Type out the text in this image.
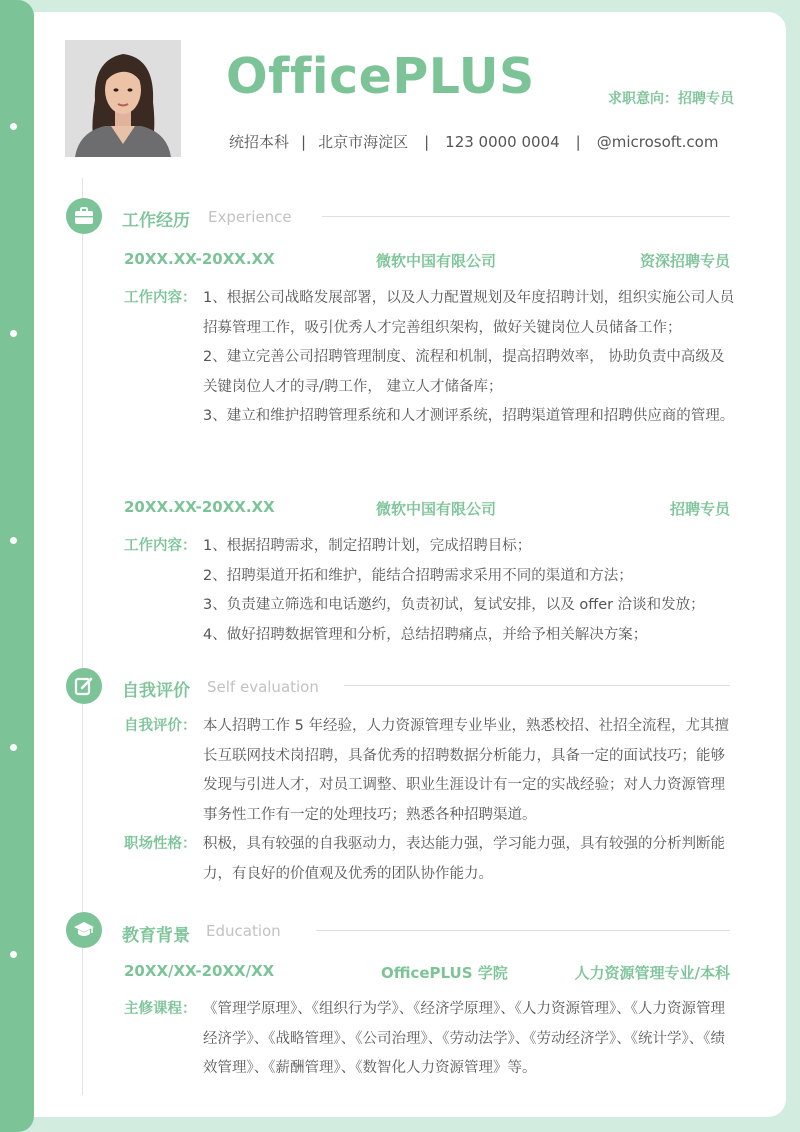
OfficePLUS	求职意向：招聘专员
统招本科 | 北京市海淀区 | 123 0000 0004 | @microsoft.com
工作经历 Experience
20XX.XX-20XX.XX	微软中国有限公司	资深招聘专员
工作内容： 1、根据公司战略发展部署，以及人力配置规划及年度招聘计划，组织实施公司人员招募管理工作，吸引优秀人才完善组织架构，做好关键岗位人员储备工作；

2、建立完善公司招聘管理制度、流程和机制，提高招聘效率， 协助负责中高级及关键岗位人才的寻/聘工作， 建立人才储备库；

3、建立和维护招聘管理系统和人才测评系统，招聘渠道管理和招聘供应商的管理。

20XX.XX-20XX.XX	微软中国有限公司	招聘专员
工作内容： 1、根据招聘需求，制定招聘计划，完成招聘目标；

2、招聘渠道开拓和维护，能结合招聘需求采用不同的渠道和方法；

3、负责建立筛选和电话邀约，负责初试，复试安排，以及 offer 洽谈和发放；

4、做好招聘数据管理和分析，总结招聘痛点，并给予相关解决方案；

自我评价 Self evaluation
自我评价： 本人招聘工作 5 年经验，人力资源管理专业毕业，熟悉校招、社招全流程，尤其擅长互联网技术岗招聘，具备优秀的招聘数据分析能力，具备一定的面试技巧；能够发现与引进人才，对员工调整、职业生涯设计有一定的实战经验；对人力资源管理事务性工作有一定的处理技巧；熟悉各种招聘渠道。

职场性格： 积极，具有较强的自我驱动力，表达能力强，学习能力强，具有较强的分析判断能力，有良好的价值观及优秀的团队协作能力。

教育背景 Education
20XX/XX-20XX/XX	OfficePLUS 学院	人力资源管理专业/本科
主修课程： 《管理学原理》、《组织行为学》、《经济学原理》、《人力资源管理》、《人力资源管理经济学》、《战略管理》、《公司治理》、《劳动法学》、《劳动经济学》、《统计学》、《绩效管理》、《薪酬管理》、《数智化人力资源管理》等。
